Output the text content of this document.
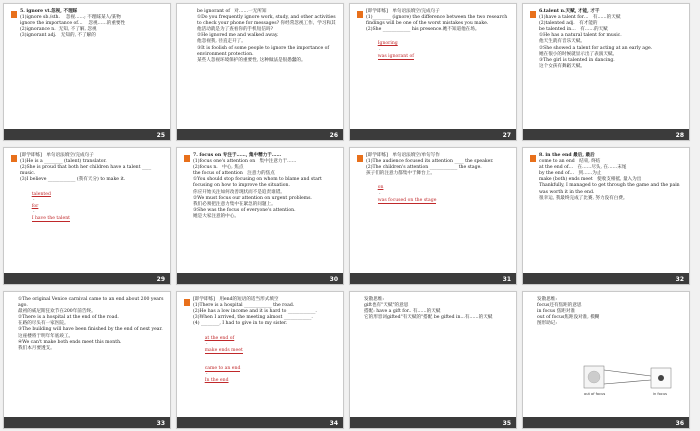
5. ignore vt.忽视, 不理睬
(1)ignore sb./sth.    忽视……; 不理睬某人/某物
ignore the importance of…    忽视……的重要性
(2)ignorance n.  无知, 不了解, 忽视
(3)ignorant adj.   无知的, 不了解的
25
be ignorant of   对……一无所知
①Do you frequently ignore work, study, and other activities to check your phone for messages? 你经常忽视工作、学习和其他活动就是为了查看你的手机短信吗?
②He ignored me and walked away.
他忽视我, 径直走开了。
③It is foolish of some people to ignore the importance of environment protection.
某些人忽视环境保护的重要性, 这种做法是很愚蠢的。
26
[即学即练]   单句语法填空/完成句子
(1)________ (ignore) the difference between the two research findings will be one of the worst mistakes you make.
(2)She ____________ his presence.她不知道他在场。

Ignoring
·
was ignorant of

27
6.talent n.天赋, 才能, 才干
(1)have a talent for…   有……的天赋
(2)talented adj.   有才能的
be talented in…   有……的天赋
①He has a natural talent for music.
他天生就有音乐天赋。
②She showed a talent for acting at an early age.
她在很小的时候就显示出了表演天赋。
③The girl is talented in dancing.
这个女孩有舞蹈天赋。
28
[即学即练]   单句语法填空/完成句子
(1)He is a ________ (talent) translator.
(2)She is proud that both her children have a talent ____ music.
(3)I believe ____________ (我有天分) to make it.

talented
·
for
·
I have the talent

29
7. focus on 专注于……, 集中精力于……
(1)focus one's attention on   集中注意力于……
(2)focus n.   中心, 焦点
the focus of attention   注意力的焦点
①You should stop focusing on whom to blame and start focusing on how to improve the situation.
你应开始关注如何改善现状而不是追责谁错。
②We must focus our attention on urgent problems.
我们必须把注意力集中在紧急的问题上。
③She was the focus of everyone's attention.
她是大家注意的中心。
30
[即学即练]   单句语法填空/单句写作
(1)The audience focused its attention ____ the speaker.
(2)The children's attention ____________ the stage.
孩子们的注意力都集中于舞台上。

on
·
was focused on the stage

31
8. in the end 最后, 最后
come to an end   结束, 终结
at the end of…   在……尽头, 在……末尾
by the end of…   到……为止
make (both) ends meet   使收支相抵, 量入为出
Thankfully, I managed to get through the game and the pain was worth it in the end.
很幸运, 我最终完成了比赛, 努力没有白费。
32
①The original Venice carnival came to an end about 200 years ago.
最初的威尼斯狂欢节在200年前告终。
②There is a hospital at the end of the road.
在路的尽头有一家医院。
③The building will have been finished by the end of next year.
这座楼将于明年年底竣工。
④We can't make both ends meet this month.
我们本月要透支。
33
[即学即练]   用end的短语的适当形式填空
(1)There is a hospital ____________ the road.
(2)He has a low income and it is hard to ____________.
(3)When I arrived, the meeting almost ____________.
(4) ________, I had to give in to my sister.

at the end of
·
make ends meet

came to an end
·
In the end

34
发散思维:
gift也有"天赋"的意思
搭配: have a gift for.. 有……的天赋
它的形容词gifted"有天赋的"搭配 be gifted in...有……的天赋
35
发散思维:
focus还有焦距的意思
in focus 焦距对准
out of focus焦距没对准, 模糊
图形助记:
out of focus	in focus
36
